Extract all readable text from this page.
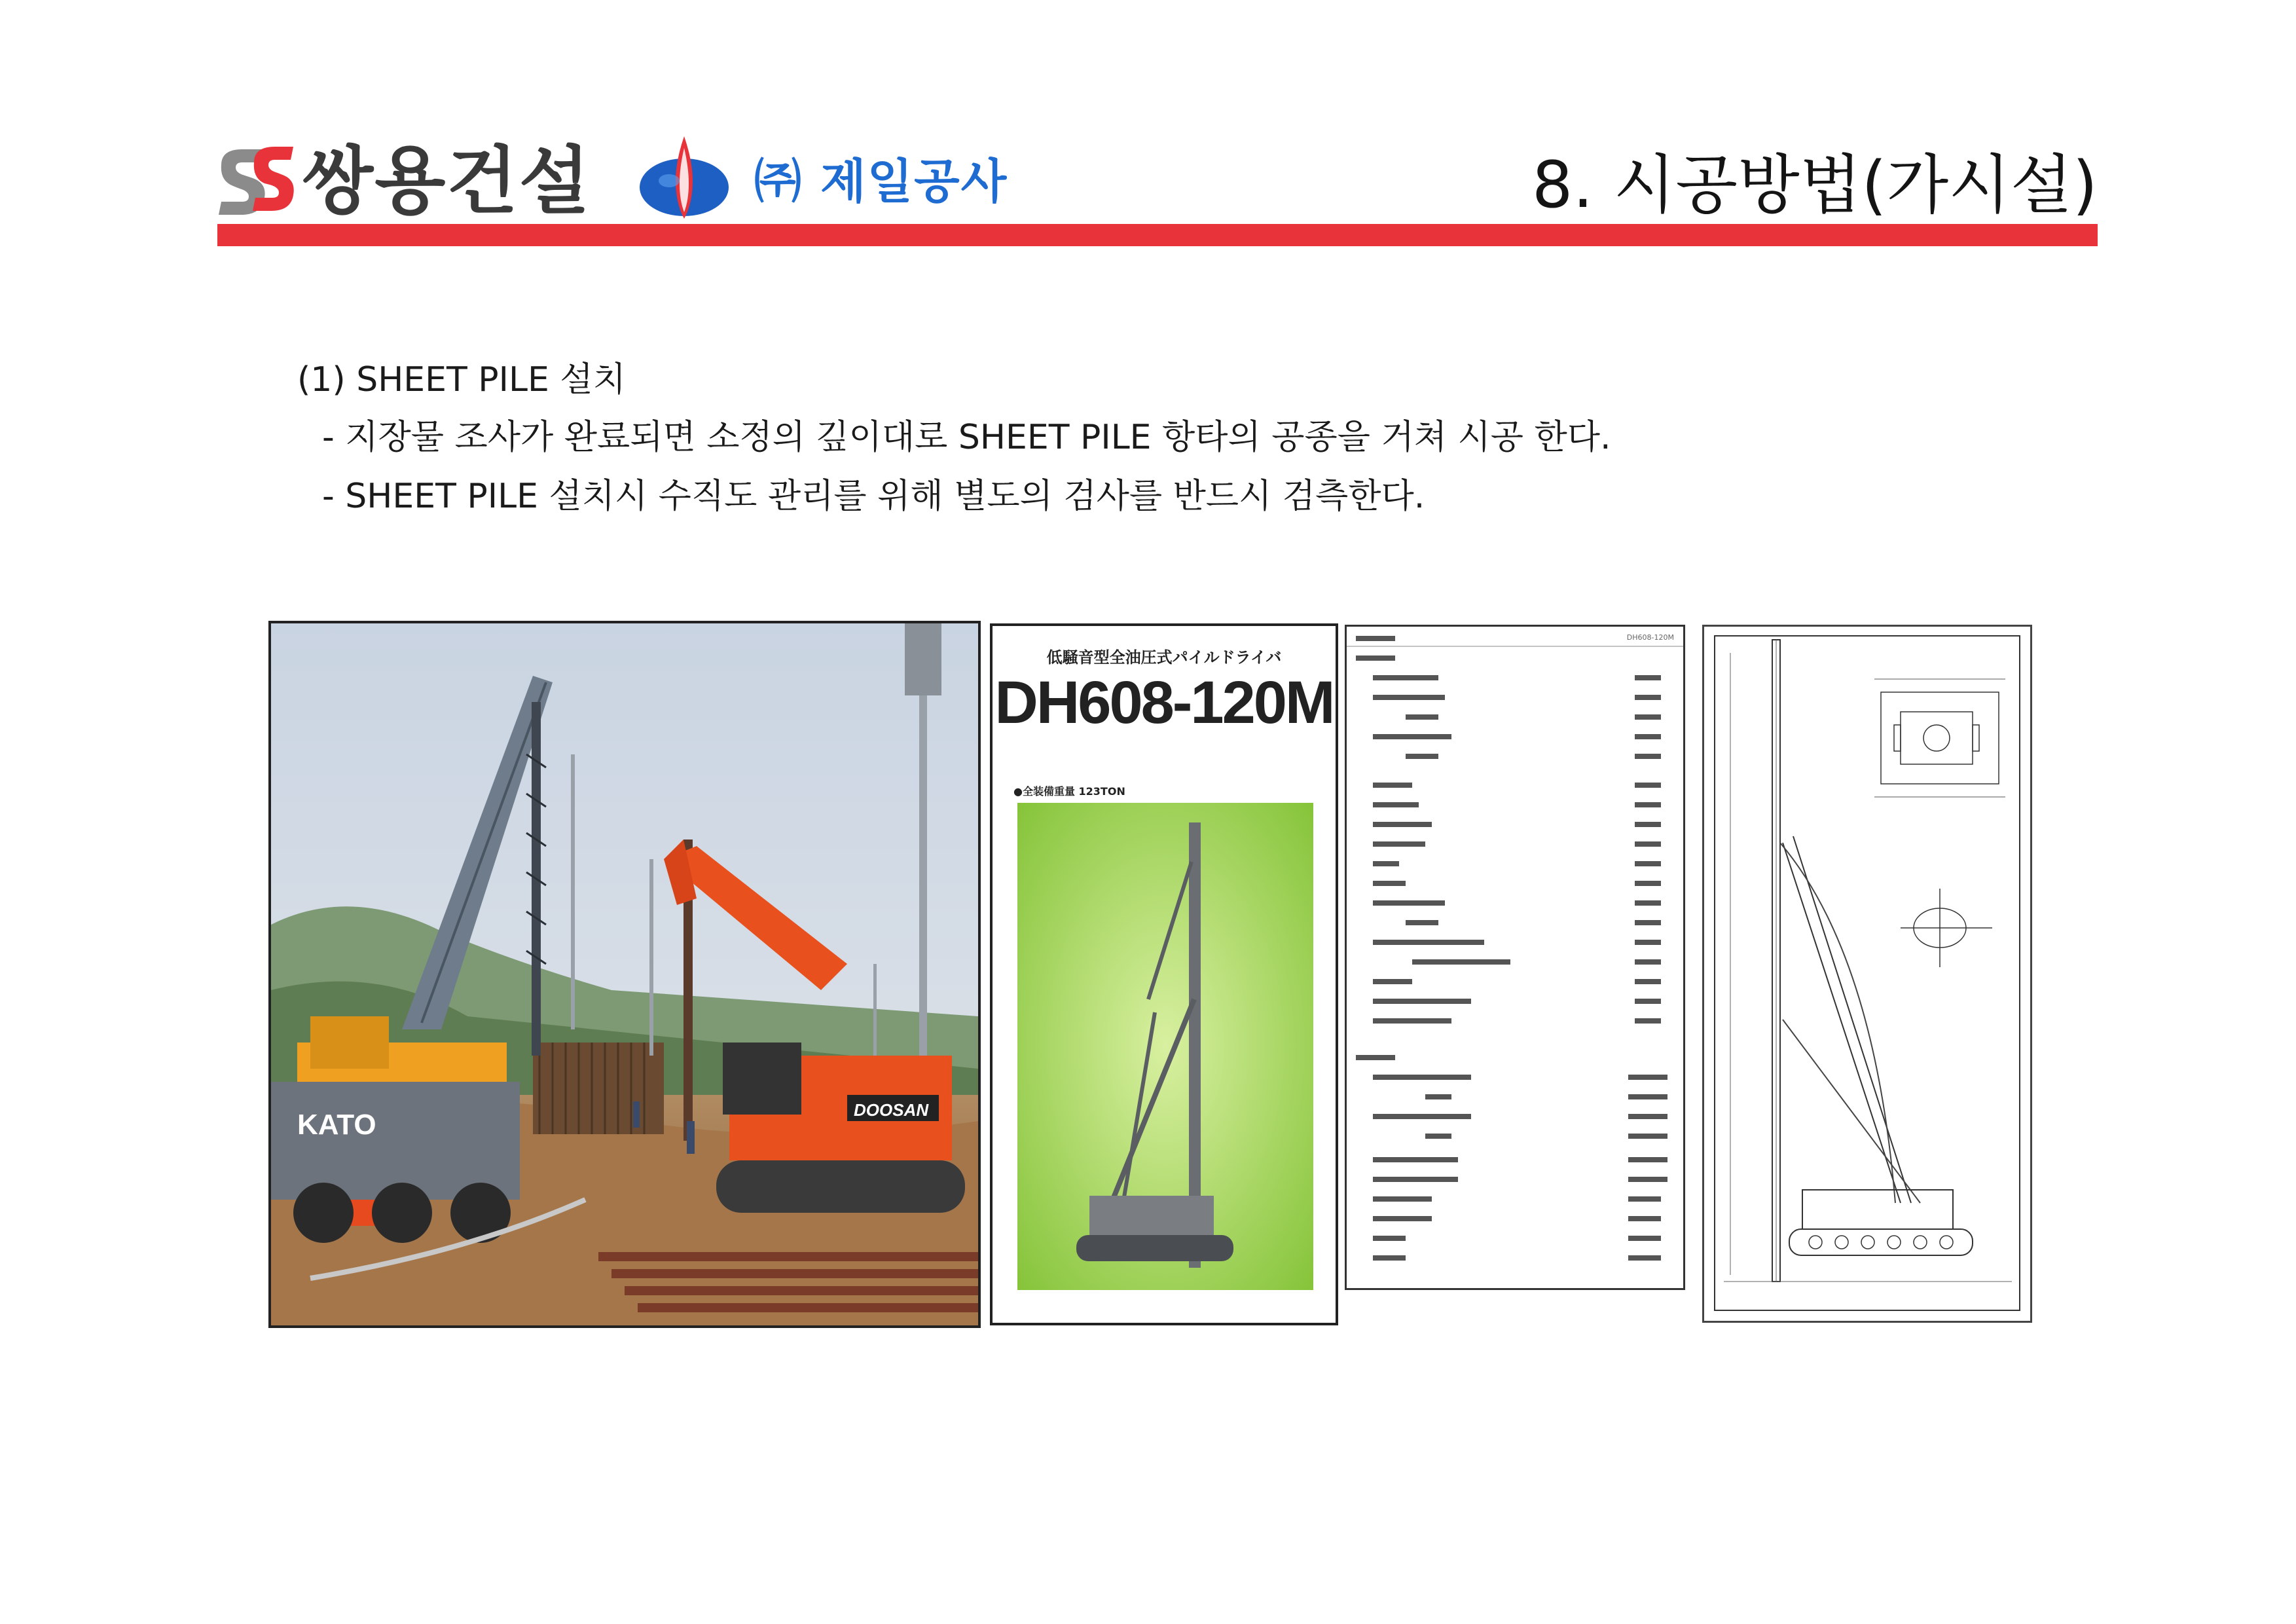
쌍용건설	㈜ 제일공사	8. 시공방법(가시설)
(1) SHEET PILE 설치
- 지장물 조사가 완료되면 소정의 깊이대로 SHEET PILE 항타의 공종을 거쳐 시공 한다.
- SHEET PILE 설치시 수직도 관리를 위해 별도의 검사를 반드시 검측한다.
KATO	DOOSAN
低騒音型全油圧式パイルドライバ
DH608-120M
●全装備重量 123TON
DH608-120M
